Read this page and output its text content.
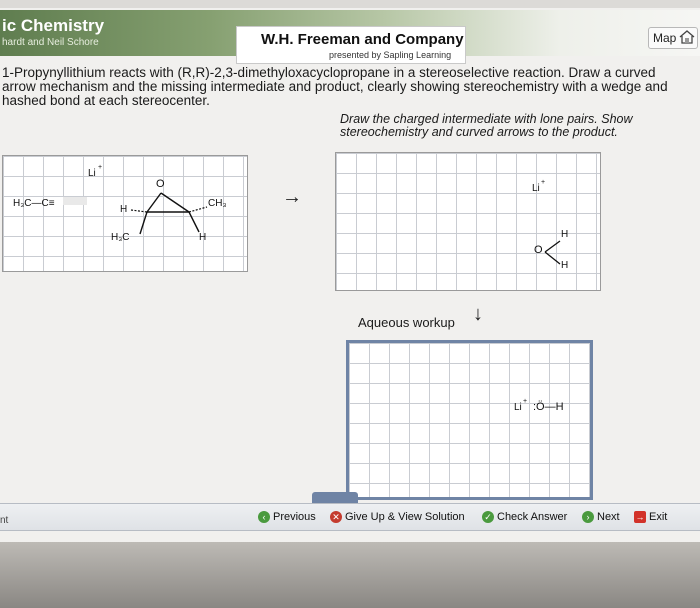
ic Chemistry
hardt and Neil Schore	W.H. Freeman and Company
presented by Sapling Learning
Map
1-Propynyllithium reacts with (R,R)-2,3-dimethyloxacyclopropane in a stereoselective reaction. Draw a curved arrow mechanism and the missing intermediate and product, clearly showing stereochemistry with a wedge and hashed bond at each stereocenter.
Draw the charged intermediate with lone pairs. Show stereochemistry and curved arrows to the product.
Li
+
H₃C—C≡
O
H
CH₃
H₃C	H
→	Li
+
O
H
H
Aqueous workup ↓
Li
+ :Ö—H
‹ Previous ✕ Give Up & View Solution ✓ Check Answer	› Next → Exit
nt
